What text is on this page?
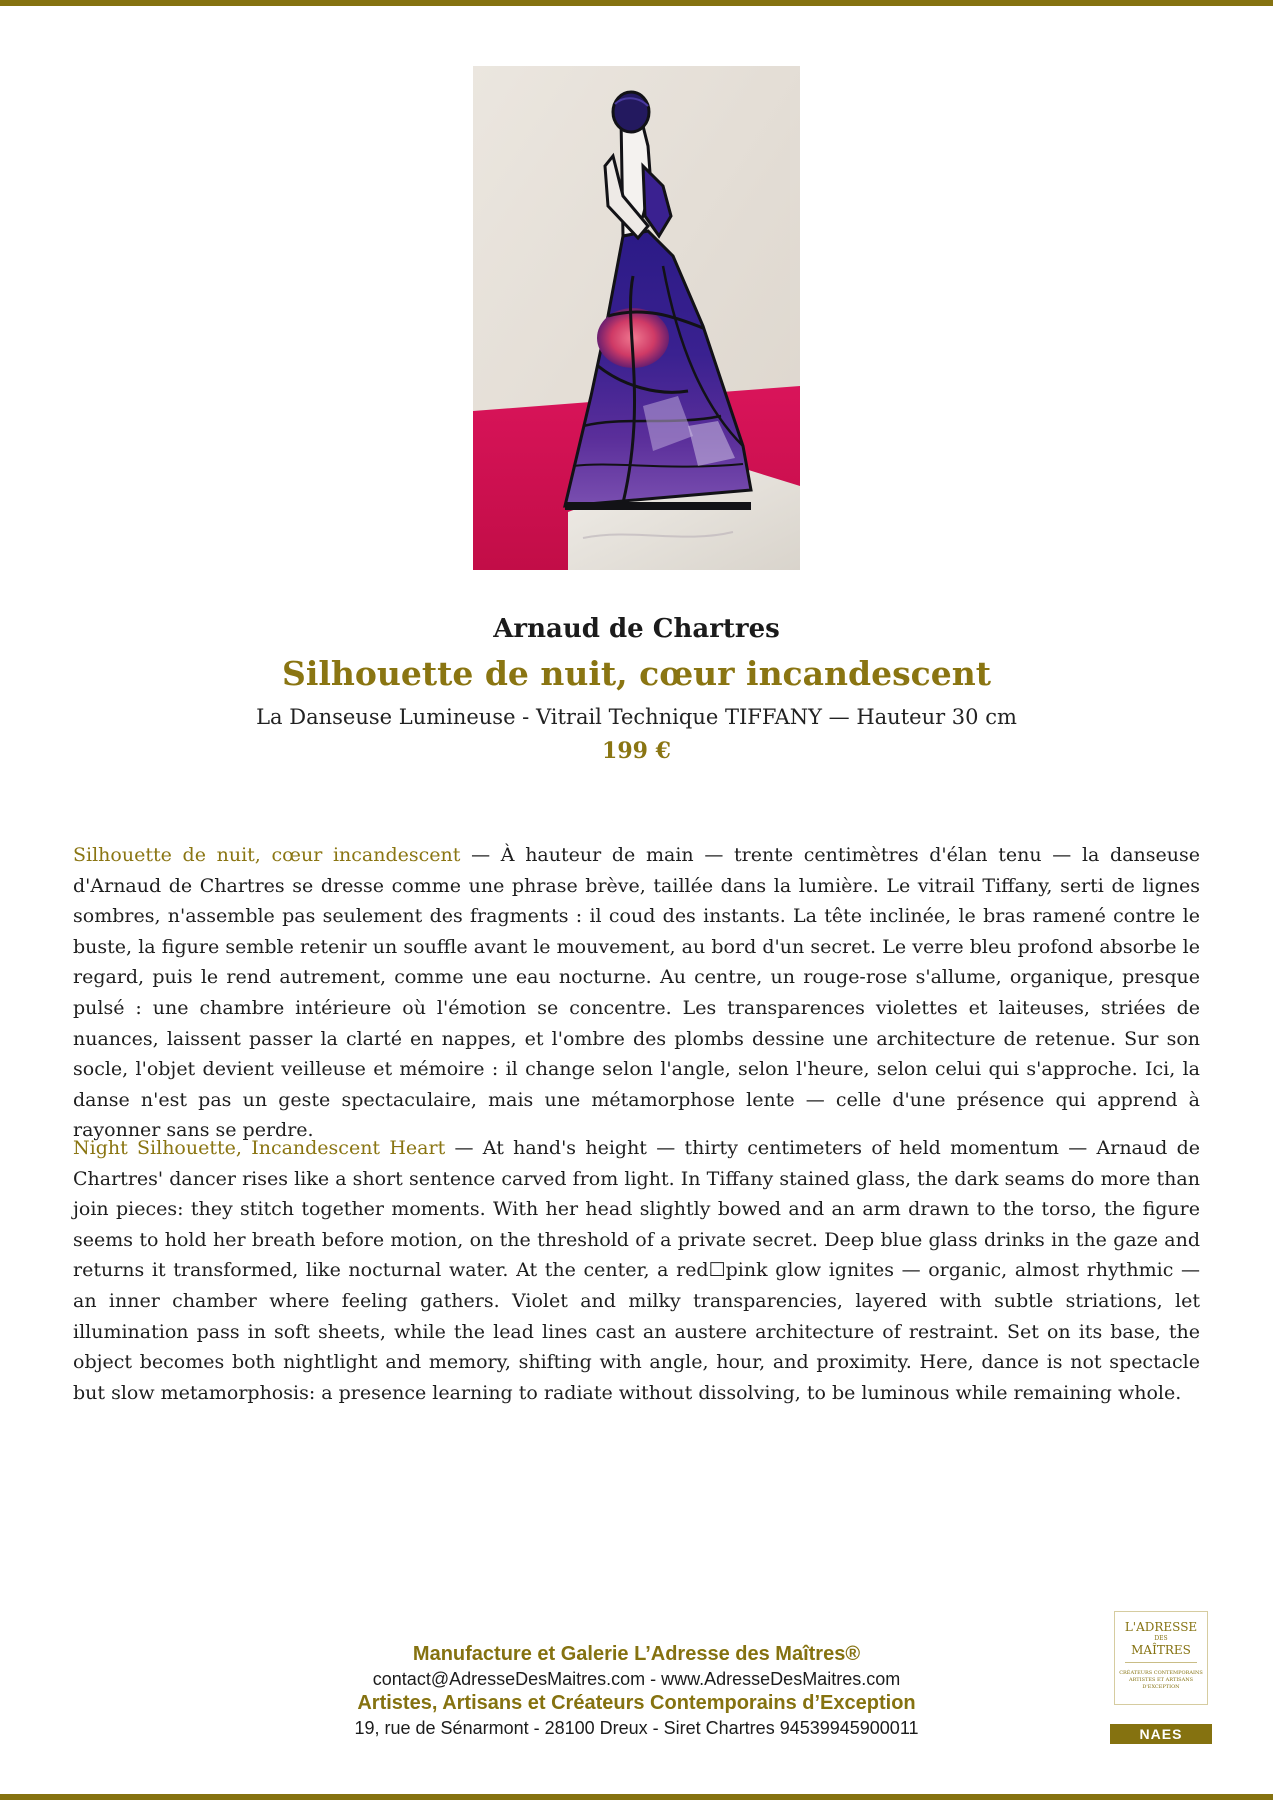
Arnaud de Chartres
Silhouette de nuit, cœur incandescent
La Danseuse Lumineuse - Vitrail Technique TIFFANY — Hauteur 30 cm
199 €

Silhouette de nuit, cœur incandescent — À hauteur de main — trente centimètres d'élan tenu — la danseuse d'Arnaud de Chartres se dresse comme une phrase brève, taillée dans la lumière. Le vitrail Tiffany, serti de lignes sombres, n'assemble pas seulement des fragments : il coud des instants. La tête inclinée, le bras ramené contre le buste, la figure semble retenir un souffle avant le mouvement, au bord d'un secret. Le verre bleu profond absorbe le regard, puis le rend autrement, comme une eau nocturne. Au centre, un rouge-rose s'allume, organique, presque pulsé : une chambre intérieure où l'émotion se concentre. Les transparences violettes et laiteuses, striées de nuances, laissent passer la clarté en nappes, et l'ombre des plombs dessine une architecture de retenue. Sur son socle, l'objet devient veilleuse et mémoire : il change selon l'angle, selon l'heure, selon celui qui s'approche. Ici, la danse n'est pas un geste spectaculaire, mais une métamorphose lente — celle d'une présence qui apprend à rayonner sans se perdre.

Night Silhouette, Incandescent Heart — At hand's height — thirty centimeters of held momentum — Arnaud de Chartres' dancer rises like a short sentence carved from light. In Tiffany stained glass, the dark seams do more than join pieces: they stitch together moments. With her head slightly bowed and an arm drawn to the torso, the figure seems to hold her breath before motion, on the threshold of a private secret. Deep blue glass drinks in the gaze and returns it transformed, like nocturnal water. At the center, a red☐pink glow ignites — organic, almost rhythmic — an inner chamber where feeling gathers. Violet and milky transparencies, layered with subtle striations, let illumination pass in soft sheets, while the lead lines cast an austere architecture of restraint. Set on its base, the object becomes both nightlight and memory, shifting with angle, hour, and proximity. Here, dance is not spectacle but slow metamorphosis: a presence learning to radiate without dissolving, to be luminous while remaining whole.

Manufacture et Galerie L’Adresse des Maîtres®
contact@AdresseDesMaitres.com - www.AdresseDesMaitres.com
Artistes, Artisans et Créateurs Contemporains d’Exception
19, rue de Sénarmont - 28100 Dreux - Siret Chartres 94539945900011
L'ADRESSE
DES
MAÎTRES
CRÉATEURS CONTEMPORAINS ARTISTES ET ARTISANS D'EXCEPTION
NAES
